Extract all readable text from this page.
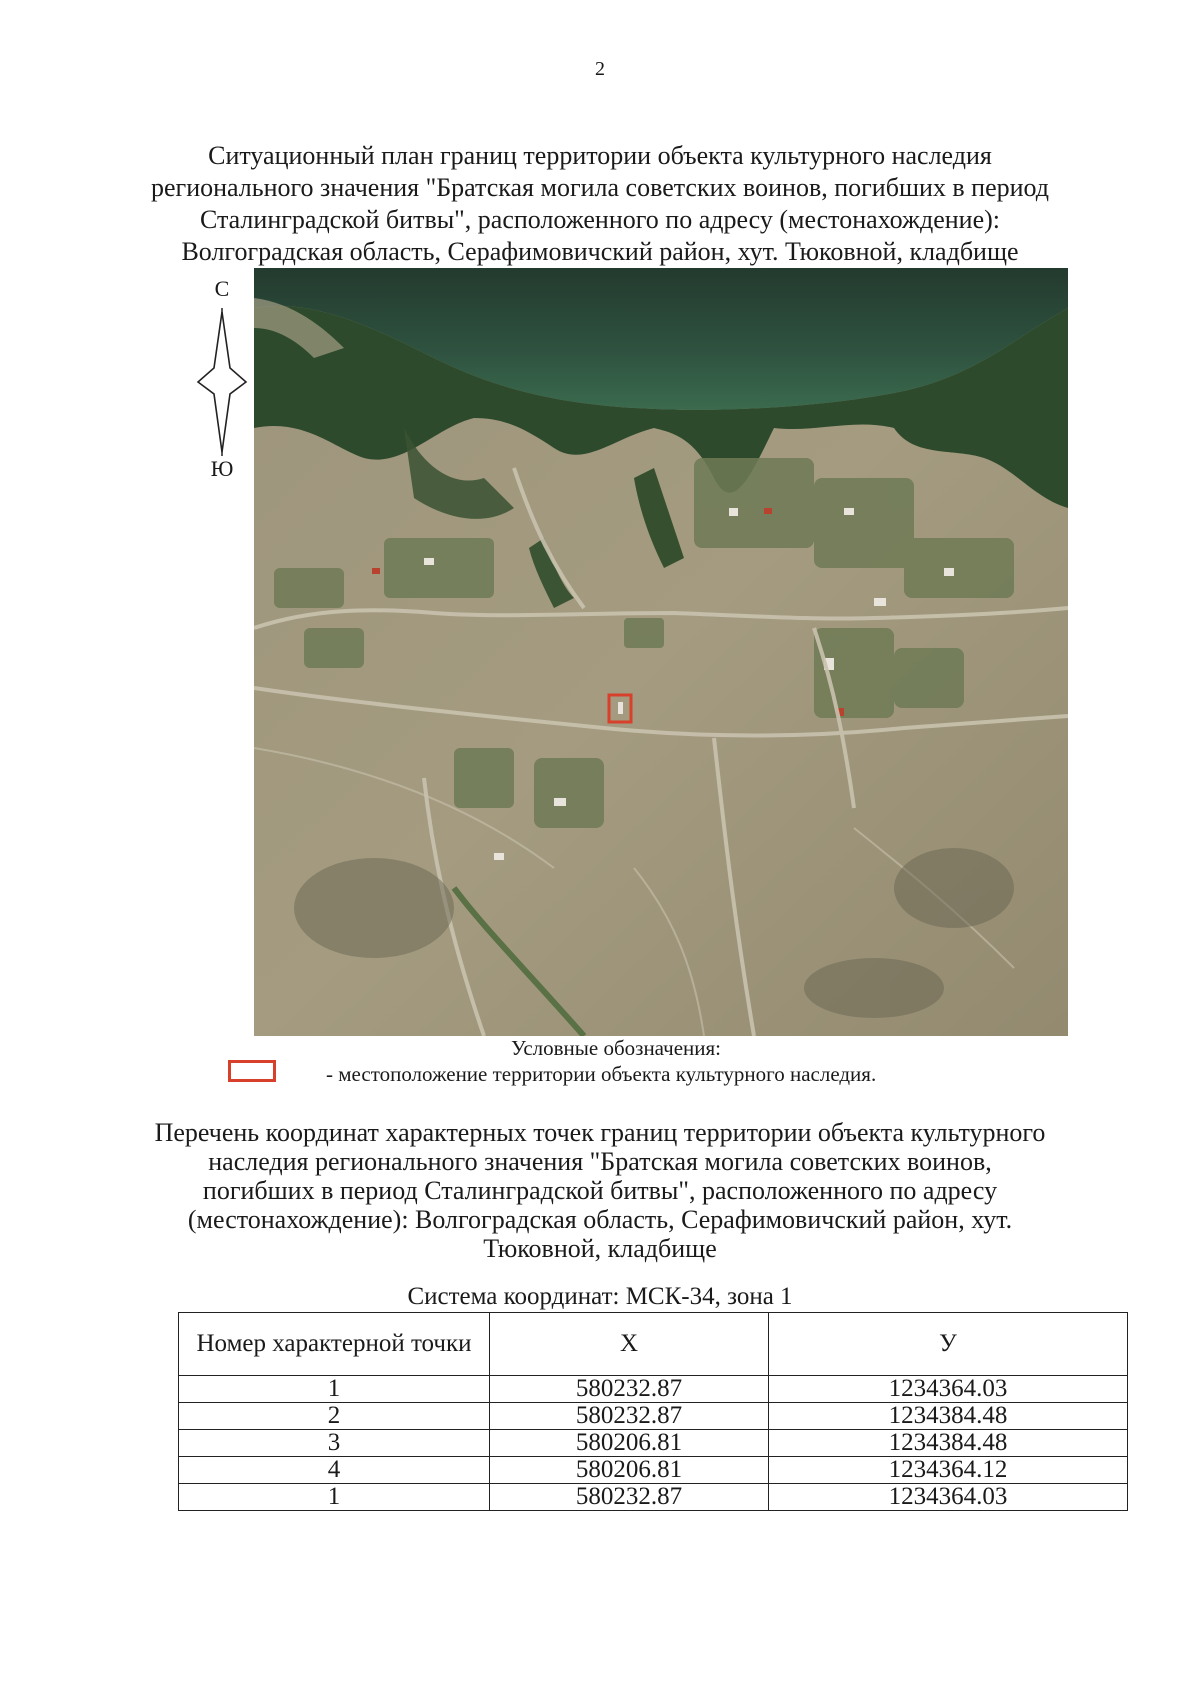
2
Ситуационный план границ территории объекта культурного наследия регионального значения "Братская могила советских воинов, погибших в период Сталинградской битвы", расположенного по адресу (местонахождение): Волгоградская область, Серафимовичский район, хут. Тюковной, кладбище
С
Ю
Условные обозначения:
- местоположение территории объекта культурного наследия.
Перечень координат характерных точек границ территории объекта культурного наследия регионального значения "Братская могила советских воинов, погибших в период Сталинградской битвы", расположенного по адресу (местонахождение): Волгоградская область, Серафимовичский район, хут. Тюковной, кладбище
Система координат: МСК-34, зона 1
Номер характерной точки	X	У
1	580232.87	1234364.03
2	580232.87	1234384.48
3	580206.81	1234384.48
4	580206.81	1234364.12
1	580232.87	1234364.03
